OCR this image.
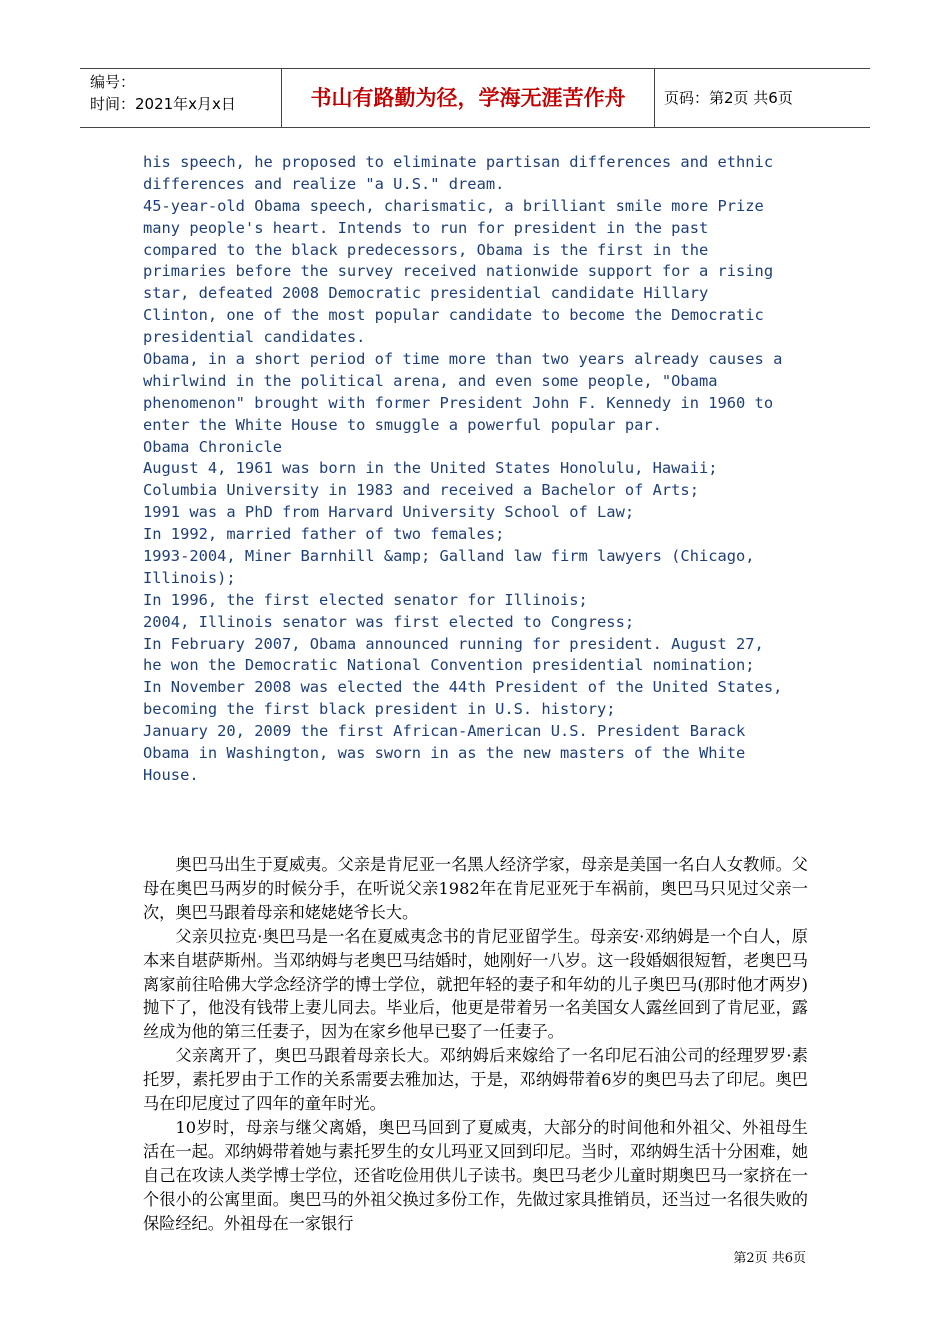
编号：
时间：2021年x月x日	书山有路勤为径，学海无涯苦作舟	页码：第2页 共6页
his speech, he proposed to eliminate partisan differences and ethnic
differences and realize "a U.S." dream.
45-year-old Obama speech, charismatic, a brilliant smile more Prize
many people's heart. Intends to run for president in the past
compared to the black predecessors, Obama is the first in the
primaries before the survey received nationwide support for a rising
star, defeated 2008 Democratic presidential candidate Hillary
Clinton, one of the most popular candidate to become the Democratic
presidential candidates.
Obama, in a short period of time more than two years already causes a
whirlwind in the political arena, and even some people, "Obama
phenomenon" brought with former President John F. Kennedy in 1960 to
enter the White House to smuggle a powerful popular par.
Obama Chronicle
August 4, 1961 was born in the United States Honolulu, Hawaii;
Columbia University in 1983 and received a Bachelor of Arts;
1991 was a PhD from Harvard University School of Law;
In 1992, married father of two females;
1993-2004, Miner Barnhill &amp; Galland law firm lawyers (Chicago,
Illinois);
In 1996, the first elected senator for Illinois;
2004, Illinois senator was first elected to Congress;
In February 2007, Obama announced running for president. August 27,
he won the Democratic National Convention presidential nomination;
In November 2008 was elected the 44th President of the United States,
becoming the first black president in U.S. history;
January 20, 2009 the first African-American U.S. President Barack
Obama in Washington, was sworn in as the new masters of the White
House.

奥巴马出生于夏威夷。父亲是肯尼亚一名黑人经济学家，母亲是美国一名白人女教师。父母在奥巴马两岁的时候分手，在听说父亲1982年在肯尼亚死于车祸前，奥巴马只见过父亲一次，奥巴马跟着母亲和姥姥姥爷长大。

父亲贝拉克·奥巴马是一名在夏威夷念书的肯尼亚留学生。母亲安·邓纳姆是一个白人，原本来自堪萨斯州。当邓纳姆与老奥巴马结婚时，她刚好一八岁。这一段婚姻很短暂，老奥巴马离家前往哈佛大学念经济学的博士学位，就把年轻的妻子和年幼的儿子奥巴马(那时他才两岁)抛下了，他没有钱带上妻儿同去。毕业后，他更是带着另一名美国女人露丝回到了肯尼亚，露丝成为他的第三任妻子，因为在家乡他早已娶了一任妻子。

父亲离开了，奥巴马跟着母亲长大。邓纳姆后来嫁给了一名印尼石油公司的经理罗罗·素托罗，素托罗由于工作的关系需要去雅加达，于是，邓纳姆带着6岁的奥巴马去了印尼。奥巴马在印尼度过了四年的童年时光。

10岁时，母亲与继父离婚，奥巴马回到了夏威夷，大部分的时间他和外祖父、外祖母生活在一起。邓纳姆带着她与素托罗生的女儿玛亚又回到印尼。当时，邓纳姆生活十分困难，她自己在攻读人类学博士学位，还省吃俭用供儿子读书。奥巴马老少儿童时期奥巴马一家挤在一个很小的公寓里面。奥巴马的外祖父换过多份工作，先做过家具推销员，还当过一名很失败的保险经纪。外祖母在一家银行

第2页 共6页
